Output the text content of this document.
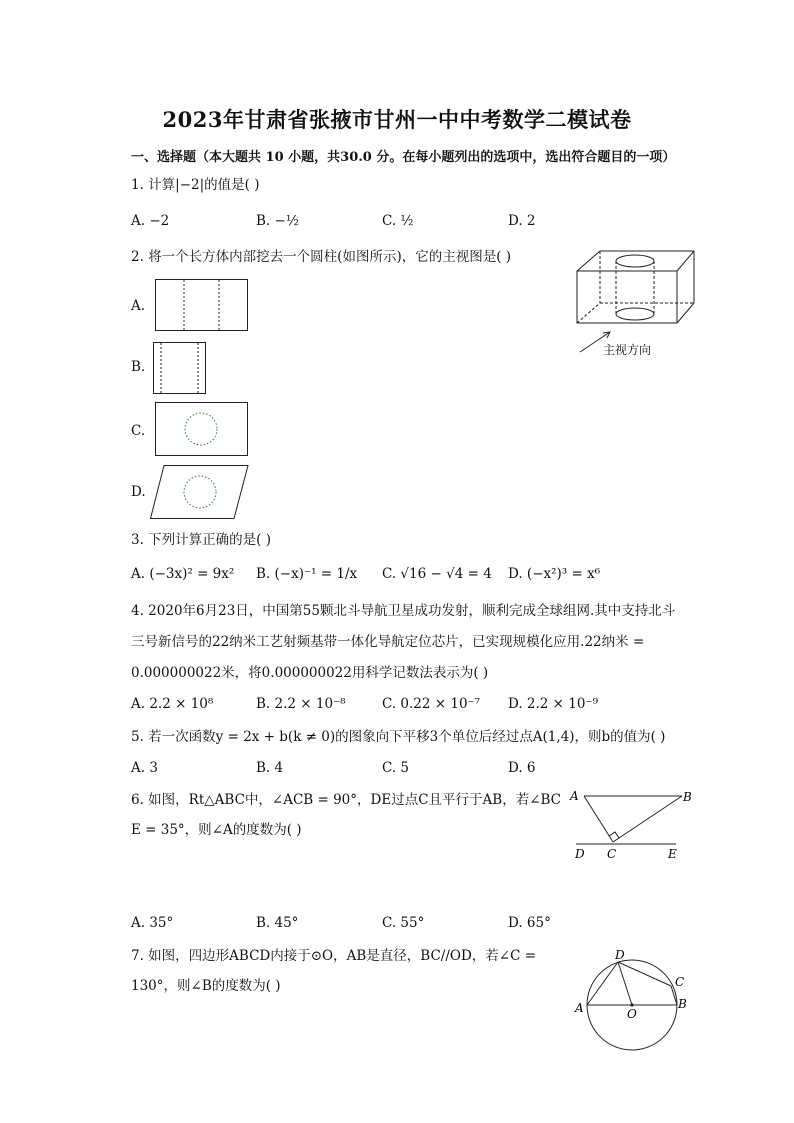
2023年甘肃省张掖市甘州一中中考数学二模试卷
一、选择题（本大题共 10 小题，共30.0 分。在每小题列出的选项中，选出符合题目的一项）
1. 计算|−2|的值是( )
A. −2	B. −½	C. ½	D. 2
2. 将一个长方体内部挖去一个圆柱(如图所示)，它的主视图是( )
主视方向
A.
B.
C.
D.
3. 下列计算正确的是( )
A. (−3x)² = 9x² B. (−x)⁻¹ = 1/x C. √16 − √4 = 4 D. (−x²)³ = x⁶
4. 2020年6月23日，中国第55颗北斗导航卫星成功发射，顺利完成全球组网.其中支持北斗
三号新信号的22纳米工艺射频基带一体化导航定位芯片，已实现规模化应用.22纳米 =
0.000000022米，将0.000000022用科学记数法表示为( )
A. 2.2 × 10⁸	B. 2.2 × 10⁻⁸	C. 0.22 × 10⁻⁷ D. 2.2 × 10⁻⁹
5. 若一次函数y = 2x + b(k ≠ 0)的图象向下平移3个单位后经过点A(1,4)，则b的值为( )
A. 3	B. 4	C. 5	D. 6
6. 如图，Rt△ABC中，∠ACB = 90°，DE过点C且平行于AB，若∠BC
E = 35°，则∠A的度数为( )
A	B
C
D	E
A. 35°	B. 45°	C. 55°	D. 65°
7. 如图，四边形ABCD内接于⊙O，AB是直径，BC//OD，若∠C =
130°，则∠B的度数为( )
A	B
C
D
O
